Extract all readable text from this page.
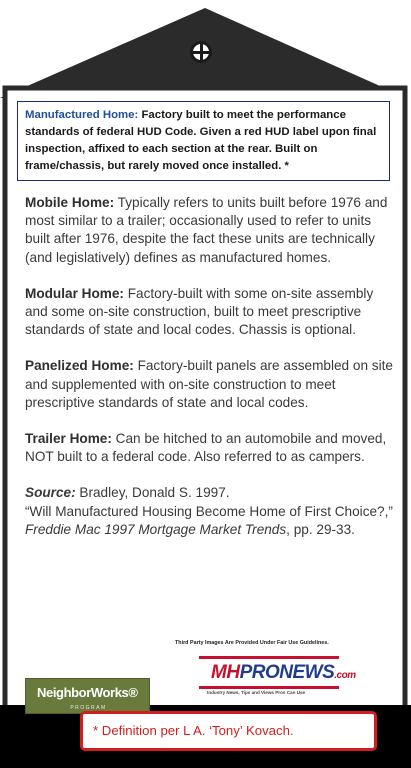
Manufactured Home: Factory built to meet the performance standards of federal HUD Code. Given a red HUD label upon final inspection, affixed to each section at the rear. Built on frame/chassis, but rarely moved once installed. *

Mobile Home: Typically refers to units built before 1976 and most similar to a trailer; occasionally used to refer to units built after 1976, despite the fact these units are technically (and legislatively) defines as manufactured homes.

Modular Home: Factory-built with some on-site assembly and some on-site construction, built to meet prescriptive standards of state and local codes. Chassis is optional.

Panelized Home: Factory-built panels are assembled on site and supplemented with on-site construction to meet prescriptive standards of state and local codes.

Trailer Home: Can be hitched to an automobile and moved, NOT built to a federal code. Also referred to as campers.

Source: Bradley, Donald S. 1997.
“Will Manufactured Housing Become Home of First Choice?,” Freddie Mac 1997 Mortgage Market Trends, pp. 29-33.

Third Party Images Are Provided Under Fair Use Guidelines.
MHPRONEWS.com
Industry News, Tips and Views Pros Can Use
NeighborWorks®
PROGRAM
* Definition per L A. ‘Tony’ Kovach.
